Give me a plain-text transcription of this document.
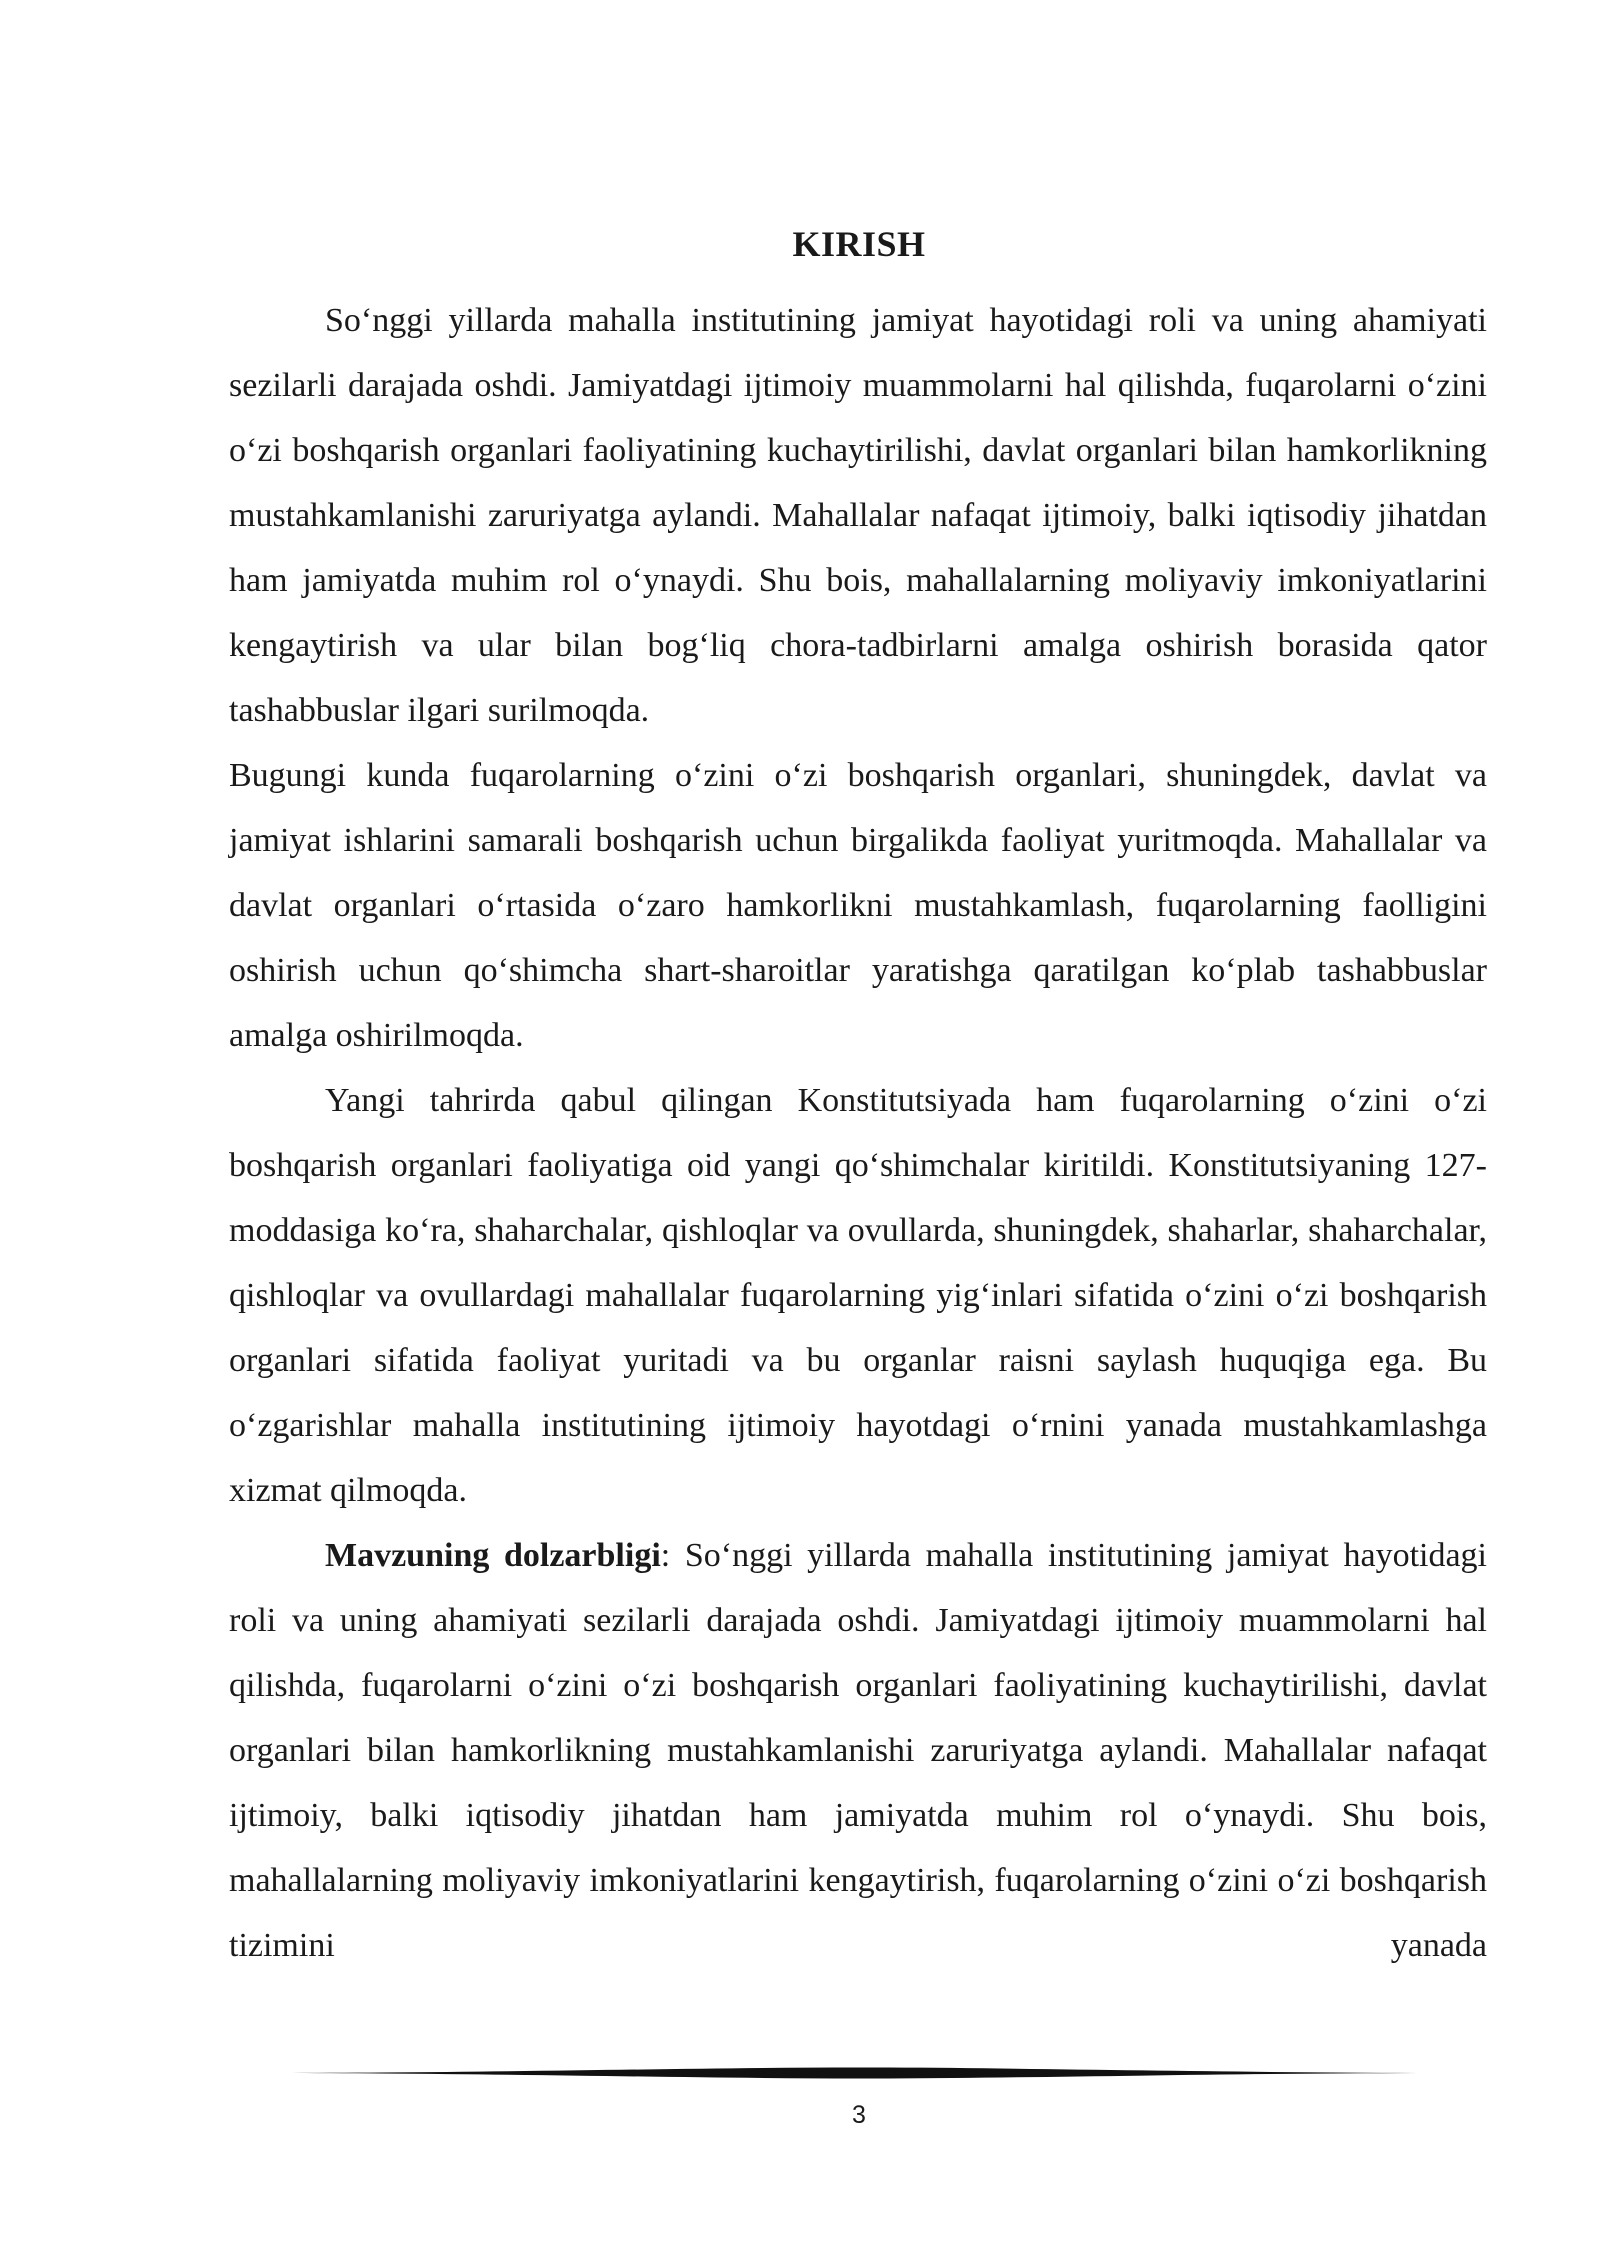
KIRISH

So‘nggi yillarda mahalla institutining jamiyat hayotidagi roli va uning ahamiyati sezilarli darajada oshdi. Jamiyatdagi ijtimoiy muammolarni hal qilishda, fuqarolarni o‘zini o‘zi boshqarish organlari faoliyatining kuchaytirilishi, davlat organlari bilan hamkorlikning mustahkamlanishi zaruriyatga aylandi. Mahallalar nafaqat ijtimoiy, balki iqtisodiy jihatdan ham jamiyatda muhim rol o‘ynaydi. Shu bois, mahallalarning moliyaviy imkoniyatlarini kengaytirish va ular bilan bog‘liq chora-tadbirlarni amalga oshirish borasida qator tashabbuslar ilgari surilmoqda.

Bugungi kunda fuqarolarning o‘zini o‘zi boshqarish organlari, shuningdek, davlat va jamiyat ishlarini samarali boshqarish uchun birgalikda faoliyat yuritmoqda. Mahallalar va davlat organlari o‘rtasida o‘zaro hamkorlikni mustahkamlash, fuqarolarning faolligini oshirish uchun qo‘shimcha shart-sharoitlar yaratishga qaratilgan ko‘plab tashabbuslar amalga oshirilmoqda.

Yangi tahrirda qabul qilingan Konstitutsiyada ham fuqarolarning o‘zini o‘zi boshqarish organlari faoliyatiga oid yangi qo‘shimchalar kiritildi. Konstitutsiyaning 127-moddasiga ko‘ra, shaharchalar, qishloqlar va ovullarda, shuningdek, shaharlar, shaharchalar, qishloqlar va ovullardagi mahallalar fuqarolarning yig‘inlari sifatida o‘zini o‘zi boshqarish organlari sifatida faoliyat yuritadi va bu organlar raisni saylash huquqiga ega. Bu o‘zgarishlar mahalla institutining ijtimoiy hayotdagi o‘rnini yanada mustahkamlashga xizmat qilmoqda.

Mavzuning dolzarbligi: So‘nggi yillarda mahalla institutining jamiyat hayotidagi roli va uning ahamiyati sezilarli darajada oshdi. Jamiyatdagi ijtimoiy muammolarni hal qilishda, fuqarolarni o‘zini o‘zi boshqarish organlari faoliyatining kuchaytirilishi, davlat organlari bilan hamkorlikning mustahkamlanishi zaruriyatga aylandi. Mahallalar nafaqat ijtimoiy, balki iqtisodiy jihatdan ham jamiyatda muhim rol o‘ynaydi. Shu bois, mahallalarning moliyaviy imkoniyatlarini kengaytirish, fuqarolarning o‘zini o‘zi boshqarish tizimini yanada

3
